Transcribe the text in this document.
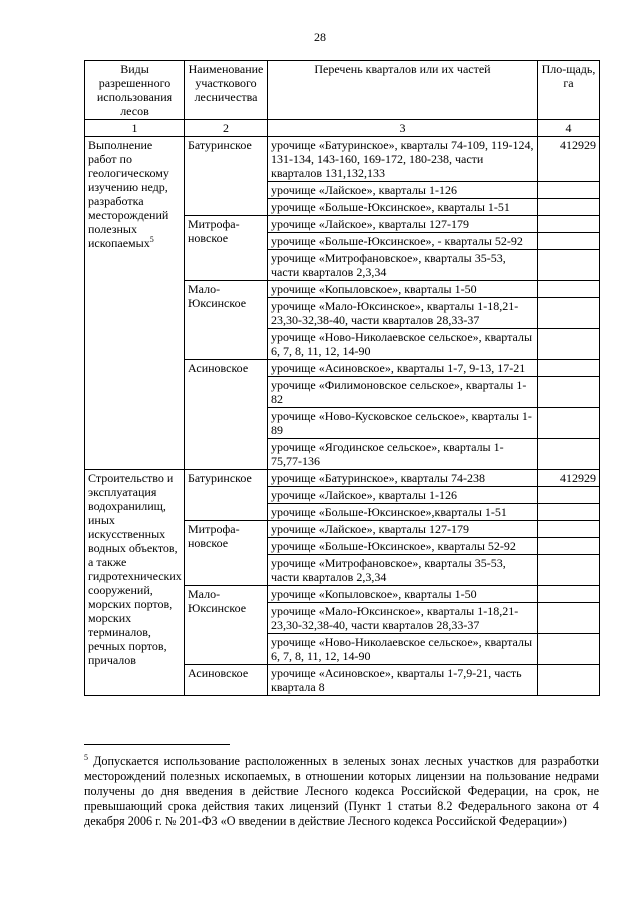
28
Виды разрешенного использования лесов	Наименование участкового лесничества	Перечень кварталов или их частей	Пло-щадь, га
1	2	3	4
Выполнение работ по геологическому изучению недр, разработка месторождений полезных ископаемых$^5$	Батуринское	урочище «Батуринское», кварталы 74-109, 119-124, 131-134, 143-160, 169-172, 180-238, части кварталов 131,132,133	412929
		урочище «Лайское», кварталы 1-126	
		урочище «Больше-Юксинское», кварталы 1-51	
	Митрофа-новское	урочище «Лайское», кварталы 127-179	
		урочище «Больше-Юксинское», - кварталы 52-92	
		урочище «Митрофановское», кварталы 35-53, части кварталов 2,3,34	
	Мало-Юксинское	урочище «Копыловское», кварталы 1-50	
		урочище «Мало-Юксинское», кварталы 1-18,21-23,30-32,38-40, части кварталов 28,33-37	
		урочище «Ново-Николаевское сельское», кварталы 6, 7, 8, 11, 12, 14-90	
	Асиновское	урочище «Асиновское», кварталы 1-7, 9-13, 17-21	
		урочище «Филимоновское сельское», кварталы 1-82	
		урочище «Ново-Кусковское сельское», кварталы 1-89	
		урочище «Ягодинское сельское», кварталы 1-75,77-136	
Строительство и эксплуатация водохранилищ, иных искусственных водных объектов, а также гидротехнических сооружений, морских портов, морских терминалов, речных портов, причалов	Батуринское	урочище «Батуринское», кварталы 74-238	412929
		урочище «Лайское», кварталы 1-126	
		урочище «Больше-Юксинское»,кварталы 1-51	
	Митрофа-новское	урочище «Лайское», кварталы 127-179	
		урочище «Больше-Юксинское», кварталы 52-92	
		урочище «Митрофановское», кварталы 35-53, части кварталов 2,3,34	
	Мало-Юксинское	урочище «Копыловское», кварталы 1-50	
		урочище «Мало-Юксинское», кварталы 1-18,21-23,30-32,38-40, части кварталов 28,33-37	
		урочище «Ново-Николаевское сельское», кварталы 6, 7, 8, 11, 12, 14-90	
	Асиновское	урочище «Асиновское», кварталы 1-7,9-21, часть квартала 8	
$^5$ Допускается использование расположенных в зеленых зонах лесных участков для разработки месторождений полезных ископаемых, в отношении которых лицензии на пользование недрами получены до дня введения в действие Лесного кодекса Российской Федерации, на срок, не превышающий срока действия таких лицензий (Пункт 1 статьи 8.2 Федерального закона от 4 декабря 2006 г. № 201-ФЗ «О введении в действие Лесного кодекса Российской Федерации»)
